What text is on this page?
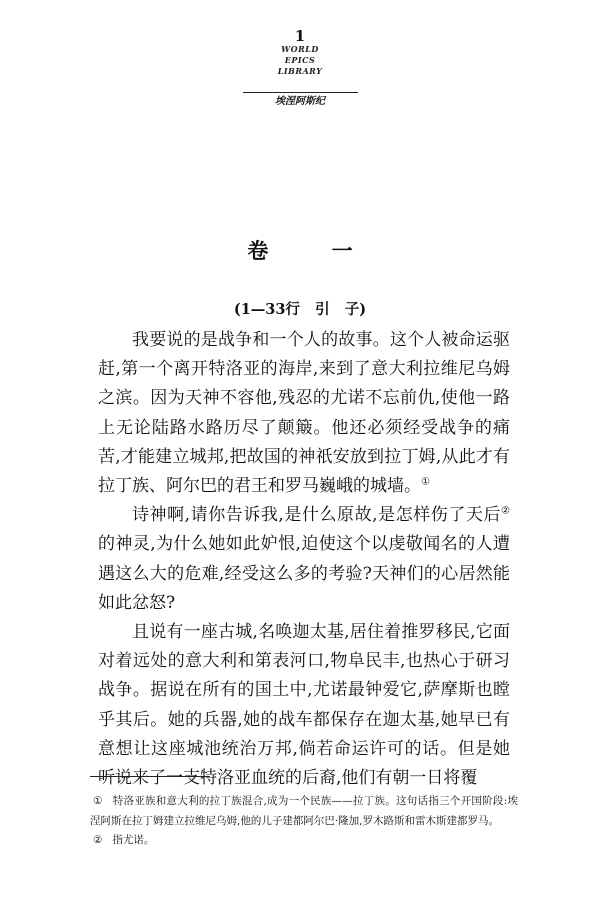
1
WORLD
EPICS
LIBRARY
埃涅阿斯纪
卷 一
(1—33行   引   子)

我要说的是战争和一个人的故事。这个人被命运驱赶,第一个离开特洛亚的海岸,来到了意大利拉维尼乌姆之滨。因为天神不容他,残忍的尤诺不忘前仇,使他一路上无论陆路水路历尽了颠簸。他还必须经受战争的痛苦,才能建立城邦,把故国的神祇安放到拉丁姆,从此才有拉丁族、阿尔巴的君王和罗马巍峨的城墙。①

诗神啊,请你告诉我,是什么原故,是怎样伤了天后② 的神灵,为什么她如此妒恨,迫使这个以虔敬闻名的人遭遇这么大的危难,经受这么多的考验?天神们的心居然能如此忿怒?

且说有一座古城,名唤迦太基,居住着推罗移民,它面对着远处的意大利和第表河口,物阜民丰,也热心于研习战争。据说在所有的国土中,尤诺最钟爱它,萨摩斯也瞠乎其后。她的兵器,她的战车都保存在迦太基,她早已有意想让这座城池统治万邦,倘若命运许可的话。但是她听说来了一支特洛亚血统的后裔,他们有朝一日将覆

① 特洛亚族和意大利的拉丁族混合,成为一个民族——拉丁族。这句话指三个开国阶段:埃涅阿斯在拉丁姆建立拉维尼乌姆,他的儿子建都阿尔巴·隆加,罗木路斯和雷木斯建都罗马。

② 指尤诺。
